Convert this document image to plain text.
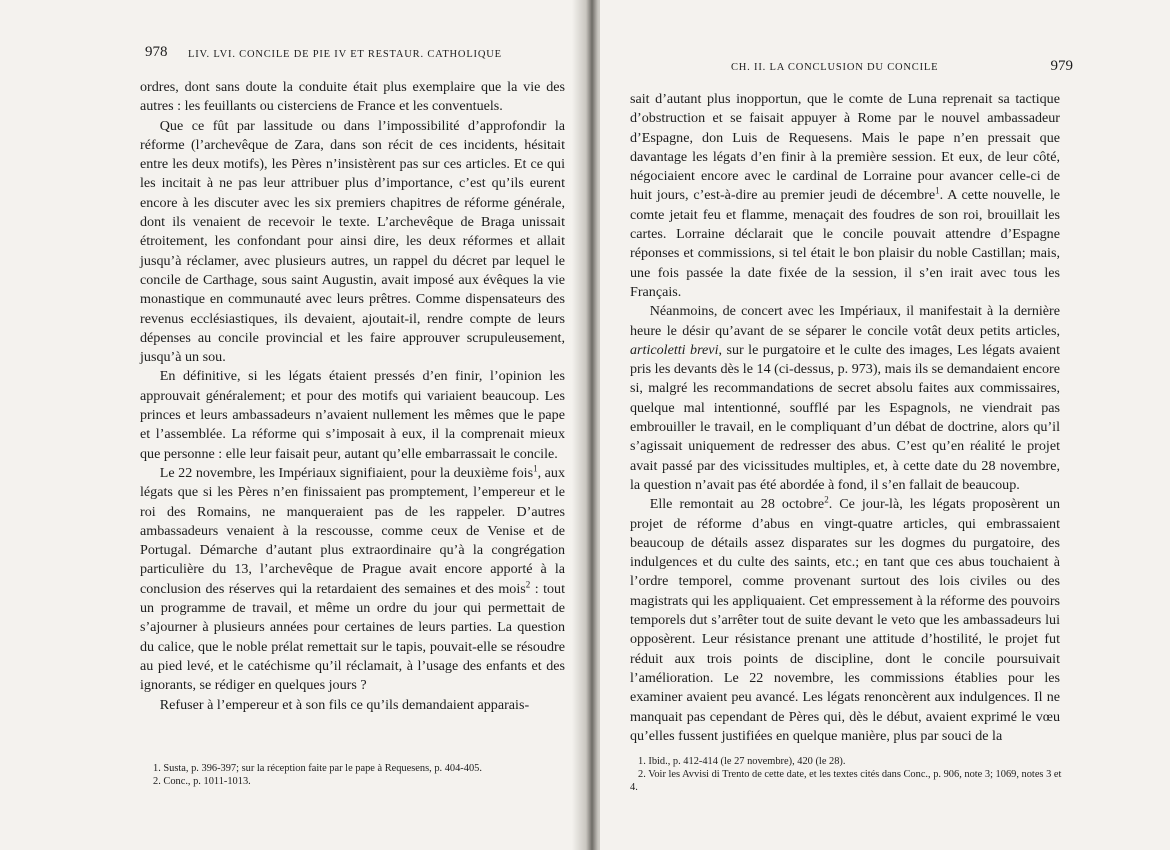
978 LIV. LVI. CONCILE DE PIE IV ET RESTAUR. CATHOLIQUE

ordres, dont sans doute la conduite était plus exemplaire que la vie des autres : les feuillants ou cisterciens de France et les conventuels.

Que ce fût par lassitude ou dans l’impossibilité d’approfondir la réforme (l’archevêque de Zara, dans son récit de ces incidents, hésitait entre les deux motifs), les Pères n’insistèrent pas sur ces articles. Et ce qui les incitait à ne pas leur attribuer plus d’importance, c’est qu’ils eurent encore à les discuter avec les six premiers chapitres de réforme générale, dont ils venaient de recevoir le texte. L’archevêque de Braga unissait étroitement, les confondant pour ainsi dire, les deux réformes et allait jusqu’à réclamer, avec plusieurs autres, un rappel du décret par lequel le concile de Carthage, sous saint Augustin, avait imposé aux évêques la vie monastique en communauté avec leurs prêtres. Comme dispensateurs des revenus ecclésiastiques, ils devaient, ajoutait-il, rendre compte de leurs dépenses au concile provincial et les faire approuver scrupuleusement, jusqu’à un sou.

En définitive, si les légats étaient pressés d’en finir, l’opinion les approuvait généralement; et pour des motifs qui variaient beaucoup. Les princes et leurs ambassadeurs n’avaient nullement les mêmes que le pape et l’assemblée. La réforme qui s’imposait à eux, il la comprenait mieux que personne : elle leur faisait peur, autant qu’elle embarrassait le concile.

Le 22 novembre, les Impériaux signifiaient, pour la deuxième fois$^1$, aux légats que si les Pères n’en finissaient pas promptement, l’empereur et le roi des Romains, ne manqueraient pas de les rappeler. D’autres ambassadeurs venaient à la rescousse, comme ceux de Venise et de Portugal. Démarche d’autant plus extraordinaire qu’à la congrégation particulière du 13, l’archevêque de Prague avait encore apporté à la conclusion des réserves qui la retardaient des semaines et des mois$^2$ : tout un programme de travail, et même un ordre du jour qui permettait de s’ajourner à plusieurs années pour certaines de leurs parties. La question du calice, que le noble prélat remettait sur le tapis, pouvait-elle se résoudre au pied levé, et le catéchisme qu’il réclamait, à l’usage des enfants et des ignorants, se rédiger en quelques jours ?

Refuser à l’empereur et à son fils ce qu’ils demandaient apparais-

1. Susta, p. 396-397; sur la réception faite par le pape à Requesens, p. 404-405.
2. Conc., p. 1011-1013.
CH. II. LA CONCLUSION DU CONCILE	979

sait d’autant plus inopportun, que le comte de Luna reprenait sa tactique d’obstruction et se faisait appuyer à Rome par le nouvel ambassadeur d’Espagne, don Luis de Requesens. Mais le pape n’en pressait que davantage les légats d’en finir à la première session. Et eux, de leur côté, négociaient encore avec le cardinal de Lorraine pour avancer celle-ci de huit jours, c’est-à-dire au premier jeudi de décembre$^1$. A cette nouvelle, le comte jetait feu et flamme, menaçait des foudres de son roi, brouillait les cartes. Lorraine déclarait que le concile pouvait attendre d’Espagne réponses et commissions, si tel était le bon plaisir du noble Castillan; mais, une fois passée la date fixée de la session, il s’en irait avec tous les Français.

Néanmoins, de concert avec les Impériaux, il manifestait à la dernière heure le désir qu’avant de se séparer le concile votât deux petits articles, articoletti brevi, sur le purgatoire et le culte des images, Les légats avaient pris les devants dès le 14 (ci-dessus, p. 973), mais ils se demandaient encore si, malgré les recommandations de secret absolu faites aux commissaires, quelque mal intentionné, soufflé par les Espagnols, ne viendrait pas embrouiller le travail, en le compliquant d’un débat de doctrine, alors qu’il s’agissait uniquement de redresser des abus. C’est qu’en réalité le projet avait passé par des vicissitudes multiples, et, à cette date du 28 novembre, la question n’avait pas été abordée à fond, il s’en fallait de beaucoup.

Elle remontait au 28 octobre$^2$. Ce jour-là, les légats proposèrent un projet de réforme d’abus en vingt-quatre articles, qui embrassaient beaucoup de détails assez disparates sur les dogmes du purgatoire, des indulgences et du culte des saints, etc.; en tant que ces abus touchaient à l’ordre temporel, comme provenant surtout des lois civiles ou des magistrats qui les appliquaient. Cet empressement à la réforme des pouvoirs temporels dut s’arrêter tout de suite devant le veto que les ambassadeurs lui opposèrent. Leur résistance prenant une attitude d’hostilité, le projet fut réduit aux trois points de discipline, dont le concile poursuivait l’amélioration. Le 22 novembre, les commissions établies pour les examiner avaient peu avancé. Les légats renoncèrent aux indulgences. Il ne manquait pas cependant de Pères qui, dès le début, avaient exprimé le vœu qu’elles fussent justifiées en quelque manière, plus par souci de la

1. Ibid., p. 412-414 (le 27 novembre), 420 (le 28).
2. Voir les Avvisi di Trento de cette date, et les textes cités dans Conc., p. 906, note 3; 1069, notes 3 et 4.
